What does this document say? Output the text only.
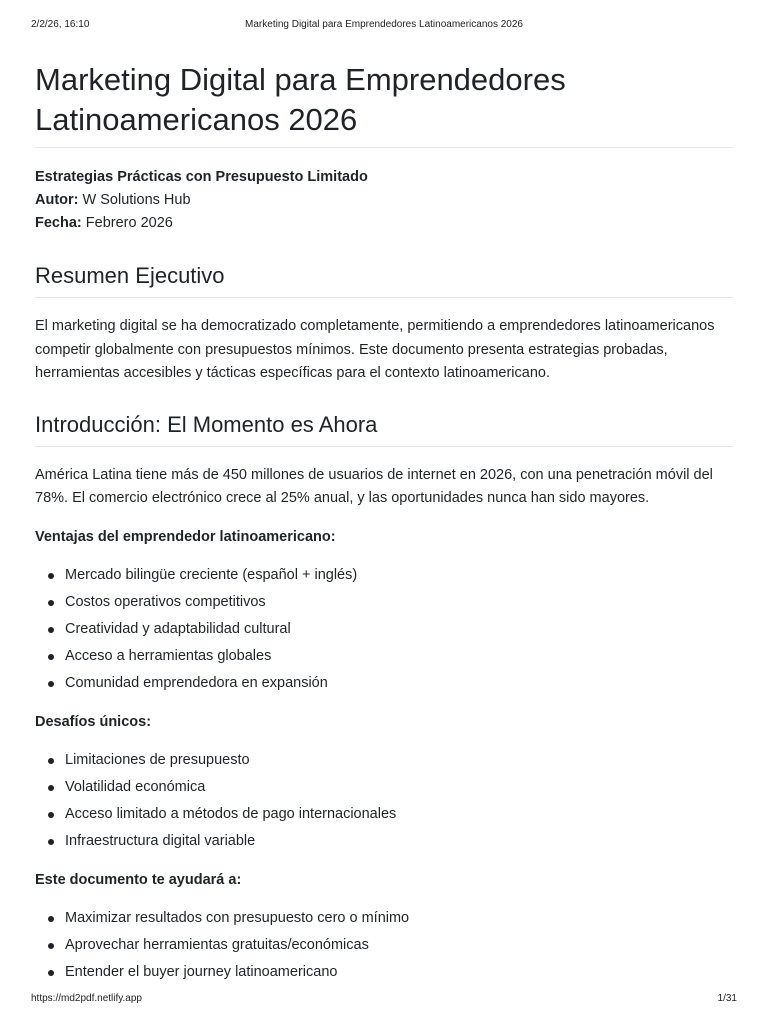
2/2/26, 16:10	Marketing Digital para Emprendedores Latinoamericanos 2026
Marketing Digital para Emprendedores Latinoamericanos 2026
Estrategias Prácticas con Presupuesto Limitado
Autor: W Solutions Hub
Fecha: Febrero 2026
Resumen Ejecutivo

El marketing digital se ha democratizado completamente, permitiendo a emprendedores latinoamericanos competir globalmente con presupuestos mínimos. Este documento presenta estrategias probadas, herramientas accesibles y tácticas específicas para el contexto latinoamericano.

Introducción: El Momento es Ahora

América Latina tiene más de 450 millones de usuarios de internet en 2026, con una penetración móvil del 78%. El comercio electrónico crece al 25% anual, y las oportunidades nunca han sido mayores.

Ventajas del emprendedor latinoamericano:

Mercado bilingüe creciente (español + inglés)
Costos operativos competitivos
Creatividad y adaptabilidad cultural
Acceso a herramientas globales
Comunidad emprendedora en expansión

Desafíos únicos:

Limitaciones de presupuesto
Volatilidad económica
Acceso limitado a métodos de pago internacionales
Infraestructura digital variable

Este documento te ayudará a:

Maximizar resultados con presupuesto cero o mínimo
Aprovechar herramientas gratuitas/económicas
Entender el buyer journey latinoamericano
https://md2pdf.netlify.app	1/31
